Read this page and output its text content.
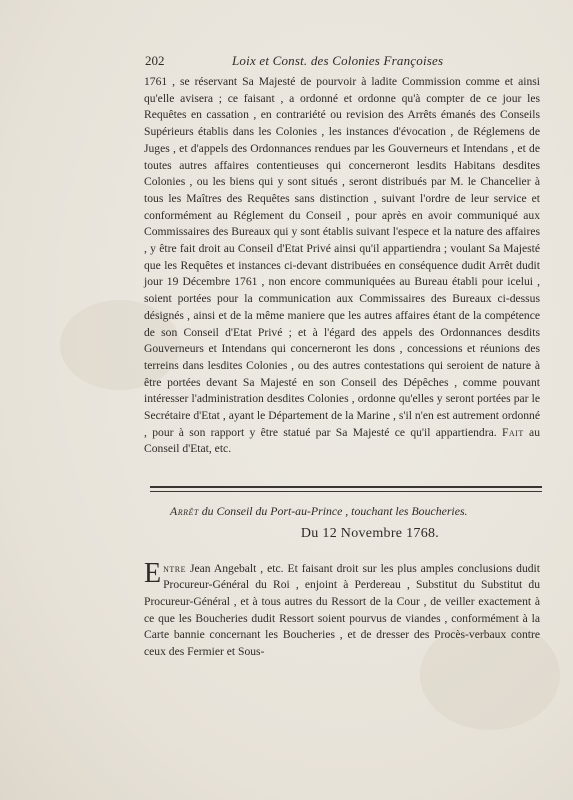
202	Loix et Const. des Colonies Françoises

1761 , se réservant Sa Majesté de pourvoir à ladite Commission comme et ainsi qu'elle avisera ; ce faisant , a ordonné et ordonne qu'à compter de ce jour les Requêtes en cassation , en contrariété ou revision des Arrêts émanés des Conseils Supérieurs établis dans les Colonies , les instances d'évocation , de Réglemens de Juges , et d'appels des Ordonnances rendues par les Gouverneurs et Intendans , et de toutes autres affaires contentieuses qui concerneront lesdits Habitans desdites Colonies , ou les biens qui y sont situés , seront distribués par M. le Chancelier à tous les Maîtres des Requêtes sans distinction , suivant l'ordre de leur service et conformément au Réglement du Conseil , pour après en avoir communiqué aux Commissaires des Bureaux qui y sont établis suivant l'espece et la nature des affaires , y être fait droit au Conseil d'Etat Privé ainsi qu'il appartiendra ; voulant Sa Majesté que les Requêtes et instances ci-devant distribuées en conséquence dudit Arrêt dudit jour 19 Décembre 1761 , non encore communiquées au Bureau établi pour icelui , soient portées pour la communication aux Commissaires des Bureaux ci-dessus désignés , ainsi et de la même maniere que les autres affaires étant de la compétence de son Conseil d'Etat Privé ; et à l'égard des appels des Ordonnances desdits Gouverneurs et Intendans qui concerneront les dons , concessions et réunions des terreins dans lesdites Colonies , ou des autres contestations qui seroient de nature à être portées devant Sa Majesté en son Conseil des Dépêches , comme pouvant intéresser l'administration desdites Colonies , ordonne qu'elles y seront portées par le Secrétaire d'Etat , ayant le Département de la Marine , s'il n'en est autrement ordonné , pour à son rapport y être statué par Sa Majesté ce qu'il appartiendra. Fait au Conseil d'Etat, etc.

Arrêt du Conseil du Port-au-Prince , touchant les Boucheries.
Du 12 Novembre 1768.

Entre Jean Angebalt , etc. Et faisant droit sur les plus amples conclusions dudit Procureur-Général du Roi , enjoint à Perdereau , Substitut du Substitut du Procureur-Général , et à tous autres du Ressort de la Cour , de veiller exactement à ce que les Boucheries dudit Ressort soient pourvus de viandes , conformément à la Carte bannie concernant les Boucheries , et de dresser des Procès-verbaux contre ceux des Fermier et Sous-
